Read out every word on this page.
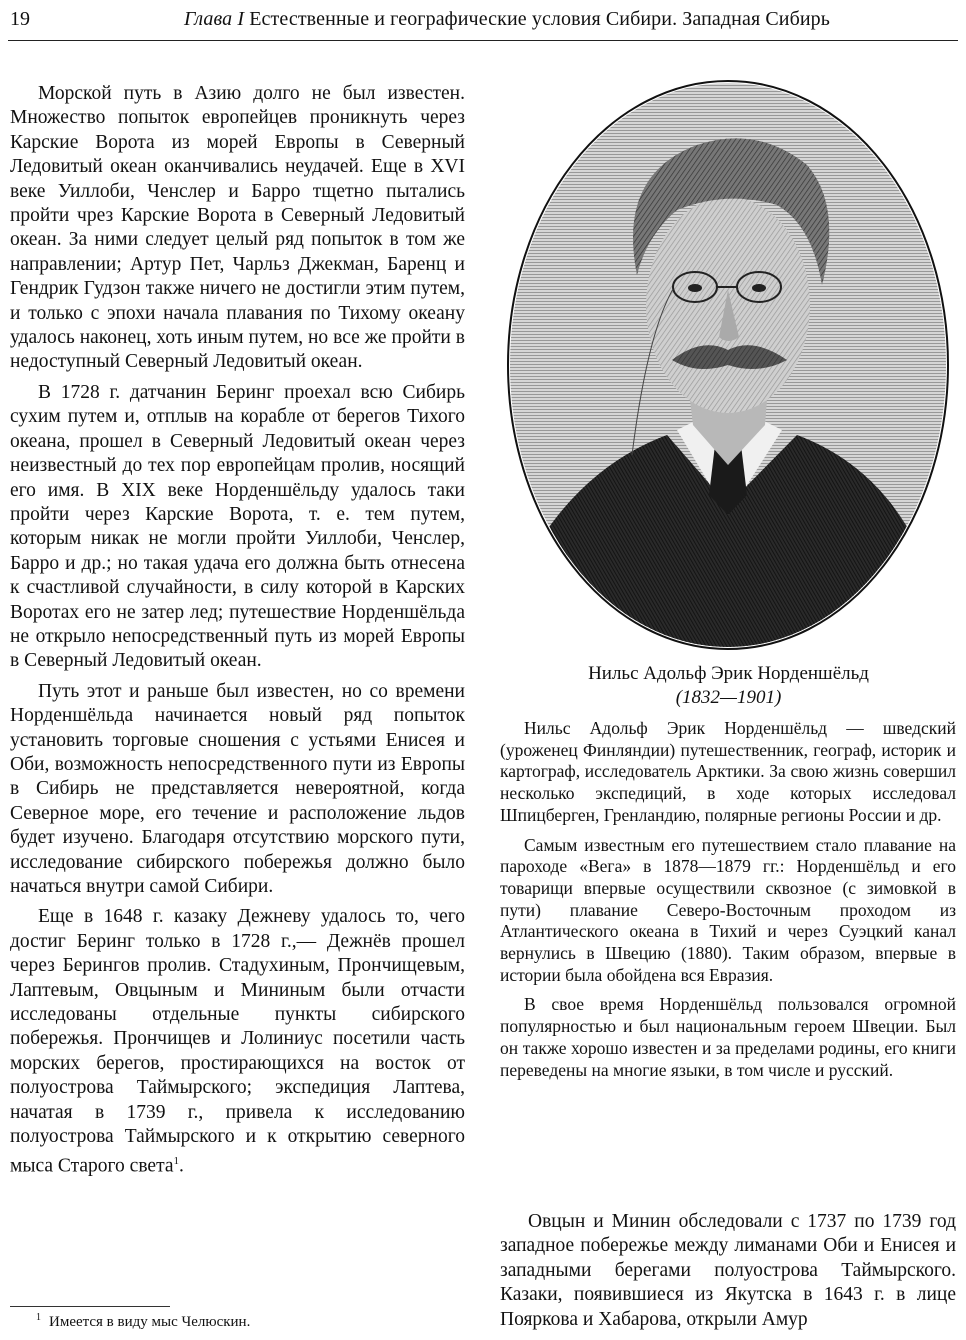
19	Глава I Естественные и географические условия Сибири. Западная Сибирь

Морской путь в Азию долго не был известен. Множество попыток европейцев проникнуть через Карские Ворота из морей Европы в Северный Ледовитый океан оканчивались неудачей. Еще в XVI веке Уиллоби, Ченслер и Барро тщетно пытались пройти чрез Карские Ворота в Северный Ледовитый океан. За ними следует целый ряд попыток в том же направлении; Артур Пет, Чарльз Джекман, Баренц и Гендрик Гудзон также ничего не достигли этим путем, и только с эпохи начала плавания по Тихому океану удалось наконец, хоть иным путем, но все же пройти в недоступный Северный Ледовитый океан.

В 1728 г. датчанин Беринг проехал всю Сибирь сухим путем и, отплыв на корабле от берегов Тихого океана, прошел в Северный Ледовитый океан через неизвестный до тех пор европейцам пролив, носящий его имя. В XIX веке Норденшёльду удалось таки пройти через Карские Ворота, т. е. тем путем, которым никак не могли пройти Уиллоби, Ченслер, Барро и др.; но такая удача его должна быть отнесена к счастливой случайности, в силу которой в Карских Воротах его не затер лед; путешествие Норденшёльда не открыло непосредственный путь из морей Европы в Северный Ледовитый океан.

Путь этот и раньше был известен, но со времени Норденшёльда начинается новый ряд попыток установить торговые сношения с устьями Енисея и Оби, возможность непосредственного пути из Европы в Сибирь не представляется невероятной, когда Северное море, его течение и расположение льдов будет изучено. Благодаря отсутствию морского пути, исследование сибирского побережья должно было начаться внутри самой Сибири.

Еще в 1648 г. казаку Дежневу удалось то, чего достиг Беринг только в 1728 г.,— Дежнёв прошел через Берингов пролив. Стадухиным, Прончищевым, Лаптевым, Овцыным и Мининым были отчасти исследованы отдельные пункты сибирского побережья. Прончищев и Лолиниус посетили часть морских берегов, простирающихся на восток от полуострова Таймырского; экспедиция Лаптева, начатая в 1739 г., привела к исследованию полуострова Таймырского и к открытию северного мыса Старого света$^1$.

Нильс Адольф Эрик Норденшёльд
(1832—1901)

Нильс Адольф Эрик Норденшёльд — шведский (уроженец Финляндии) путешественник, географ, историк и картограф, исследователь Арктики. За свою жизнь совершил несколько экспедиций, в ходе которых исследовал Шпицберген, Гренландию, полярные регионы России и др.

Самым известным его путешествием стало плавание на пароходе «Вега» в 1878—1879 гг.: Норденшёльд и его товарищи впервые осуществили сквозное (с зимовкой в пути) плавание Северо-Восточным проходом из Атлантического океана в Тихий и через Суэцкий канал вернулись в Швецию (1880). Таким образом, впервые в истории была обойдена вся Евразия.

В свое время Норденшёльд пользовался огромной популярностью и был национальным героем Швеции. Был он также хорошо известен и за пределами родины, его книги переведены на многие языки, в том числе и русский.

Овцын и Минин обследовали с 1737 по 1739 год западное побережье между лиманами Оби и Енисея и западными берегами полуострова Таймырского. Казаки, появившиеся из Якутска в 1643 г. в лице Пояркова и Хабарова, открыли Амур

$^1$ Имеется в виду мыс Челюскин.
